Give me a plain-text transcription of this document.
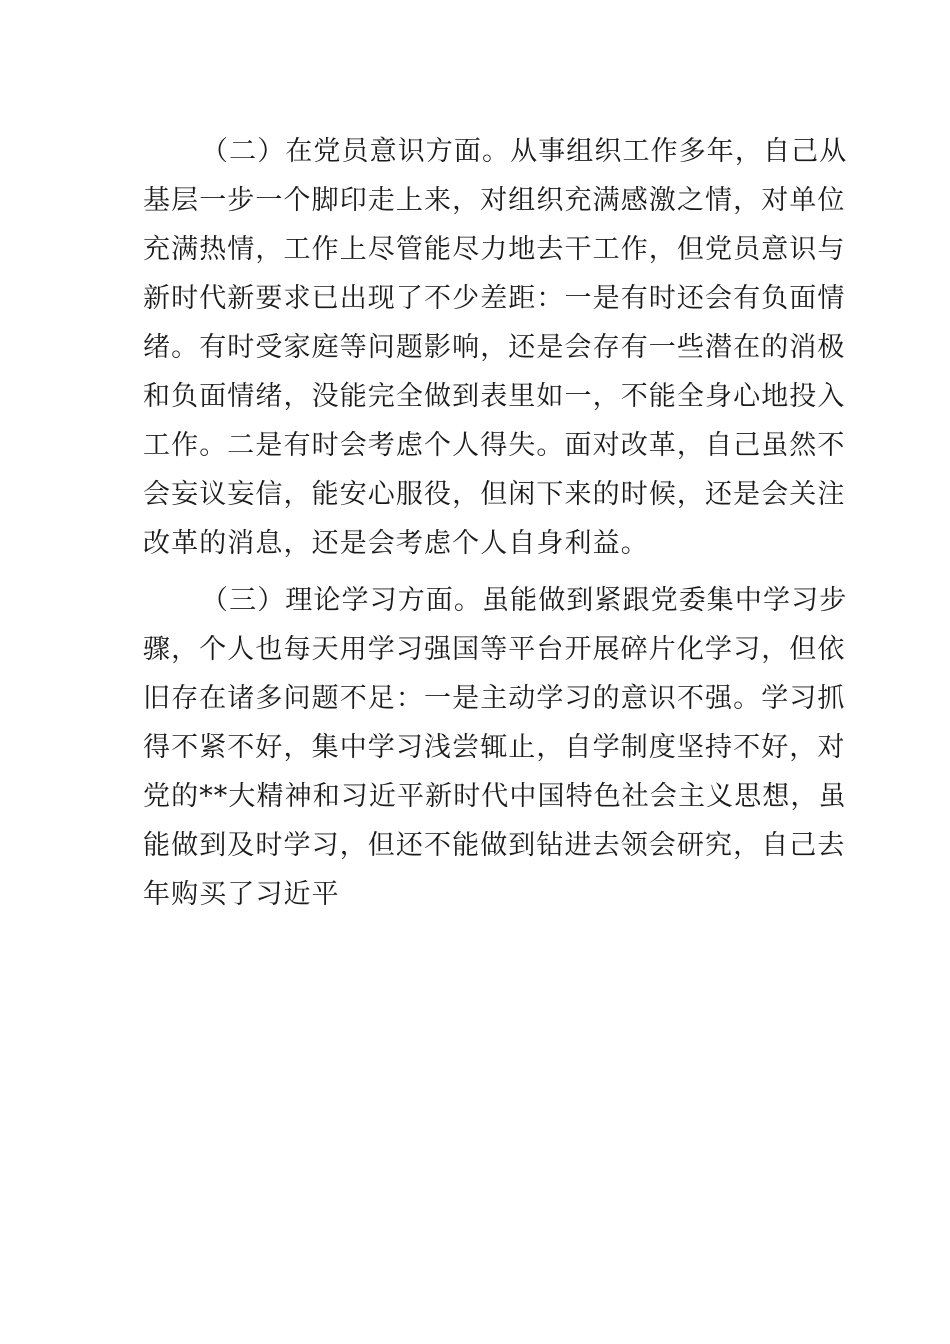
（二）在党员意识方面。从事组织工作多年，自己从
基层一步一个脚印走上来，对组织充满感激之情，对单位
充满热情，工作上尽管能尽力地去干工作，但党员意识与
新时代新要求已出现了不少差距：一是有时还会有负面情
绪。有时受家庭等问题影响，还是会存有一些潜在的消极
和负面情绪，没能完全做到表里如一，不能全身心地投入
工作。二是有时会考虑个人得失。面对改革，自己虽然不
会妄议妄信，能安心服役，但闲下来的时候，还是会关注
改革的消息，还是会考虑个人自身利益。
（三）理论学习方面。虽能做到紧跟党委集中学习步
骤，个人也每天用学习强国等平台开展碎片化学习，但依
旧存在诸多问题不足：一是主动学习的意识不强。学习抓
得不紧不好，集中学习浅尝辄止，自学制度坚持不好，对
党的**大精神和习近平新时代中国特色社会主义思想，虽
能做到及时学习，但还不能做到钻进去领会研究，自己去
年购买了习近平
